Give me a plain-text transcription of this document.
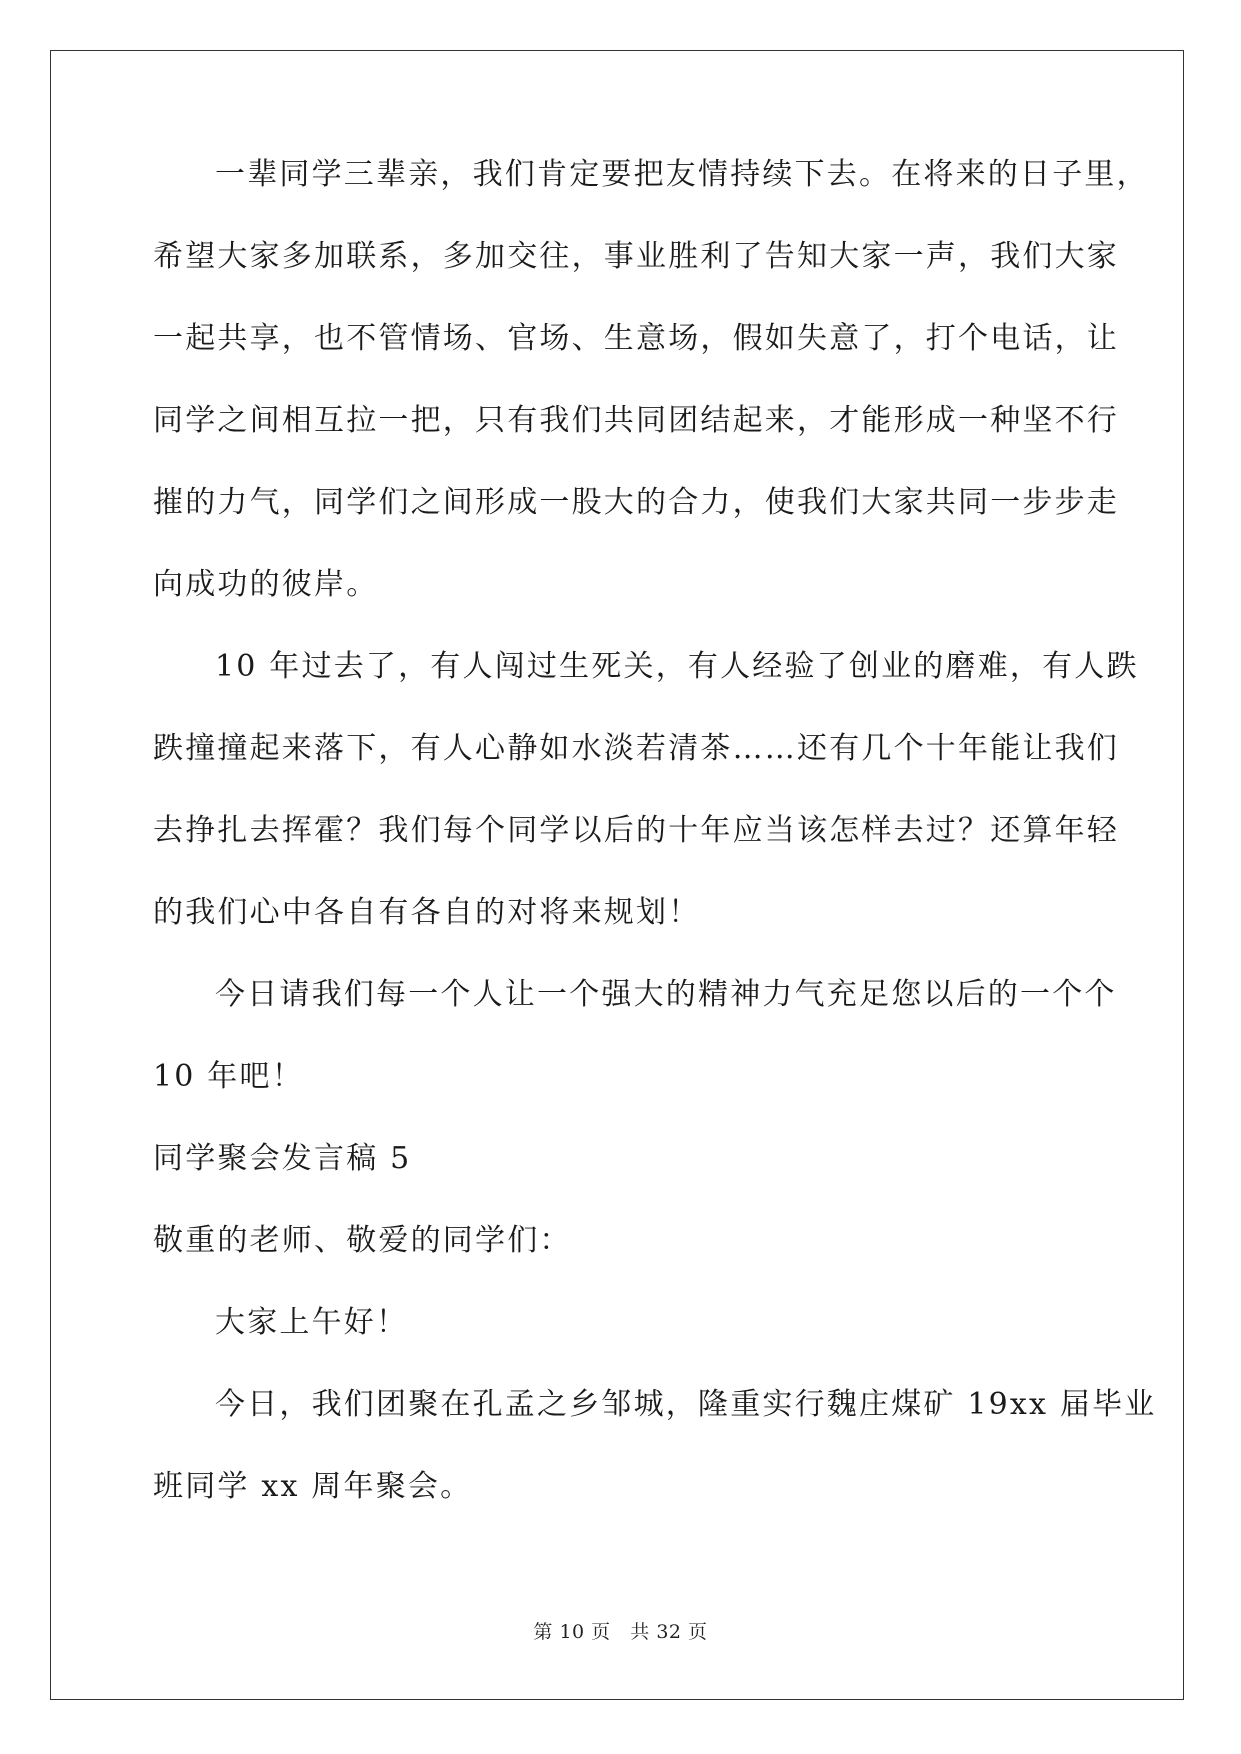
一辈同学三辈亲，我们肯定要把友情持续下去。在将来的日子里，
希望大家多加联系，多加交往，事业胜利了告知大家一声，我们大家
一起共享，也不管情场、官场、生意场，假如失意了，打个电话，让
同学之间相互拉一把，只有我们共同团结起来，才能形成一种坚不行
摧的力气，同学们之间形成一股大的合力，使我们大家共同一步步走
向成功的彼岸。
10 年过去了，有人闯过生死关，有人经验了创业的磨难，有人跌
跌撞撞起来落下，有人心静如水淡若清茶……还有几个十年能让我们
去挣扎去挥霍？我们每个同学以后的十年应当该怎样去过？还算年轻
的我们心中各自有各自的对将来规划！
今日请我们每一个人让一个强大的精神力气充足您以后的一个个
10 年吧！
同学聚会发言稿 5
敬重的老师、敬爱的同学们：
大家上午好！
今日，我们团聚在孔孟之乡邹城，隆重实行魏庄煤矿 19xx 届毕业
班同学 xx 周年聚会。
第 10 页   共 32 页
